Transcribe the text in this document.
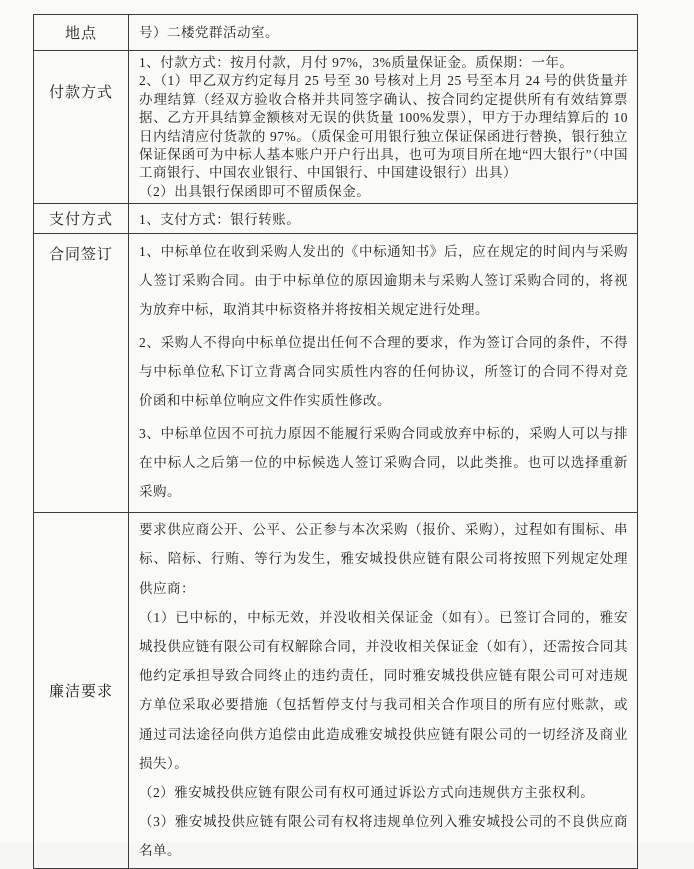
地点	号）二楼党群活动室。

付款方式	1、付款方式：按月付款，月付 97%，3%质量保证金。质保期：一年。

2、（1）甲乙双方约定每月 25 号至 30 号核对上月 25 号至本月 24 号的供货量并办理结算（经双方验收合格并共同签字确认、按合同约定提供所有有效结算票据、乙方开具结算金额核对无误的供货量 100%发票），甲方于办理结算后的 10 日内结清应付货款的 97%。（质保金可用银行独立保证保函进行替换，银行独立保证保函可为中标人基本账户开户行出具，也可为项目所在地“四大银行”（中国工商银行、中国农业银行、中国银行、中国建设银行）出具）

（2）出具银行保函即可不留质保金。

支付方式	1、支付方式：银行转账。

合同签订	1、中标单位在收到采购人发出的《中标通知书》后，应在规定的时间内与采购人签订采购合同。由于中标单位的原因逾期未与采购人签订采购合同的，将视为放弃中标，取消其中标资格并将按相关规定进行处理。

2、采购人不得向中标单位提出任何不合理的要求，作为签订合同的条件，不得与中标单位私下订立背离合同实质性内容的任何协议，所签订的合同不得对竞价函和中标单位响应文件作实质性修改。

3、中标单位因不可抗力原因不能履行采购合同或放弃中标的，采购人可以与排在中标人之后第一位的中标候选人签订采购合同，以此类推。也可以选择重新采购。

廉洁要求	要求供应商公开、公平、公正参与本次采购（报价、采购），过程如有围标、串标、陪标、行贿、等行为发生，雅安城投供应链有限公司将按照下列规定处理供应商：

（1）已中标的，中标无效，并没收相关保证金（如有）。已签订合同的，雅安城投供应链有限公司有权解除合同，并没收相关保证金（如有），还需按合同其他约定承担导致合同终止的违约责任，同时雅安城投供应链有限公司可对违规方单位采取必要措施（包括暂停支付与我司相关合作项目的所有应付账款，或通过司法途径向供方追偿由此造成雅安城投供应链有限公司的一切经济及商业损失）。

（2）雅安城投供应链有限公司有权可通过诉讼方式向违规供方主张权利。

（3）雅安城投供应链有限公司有权将违规单位列入雅安城投公司的不良供应商名单。
